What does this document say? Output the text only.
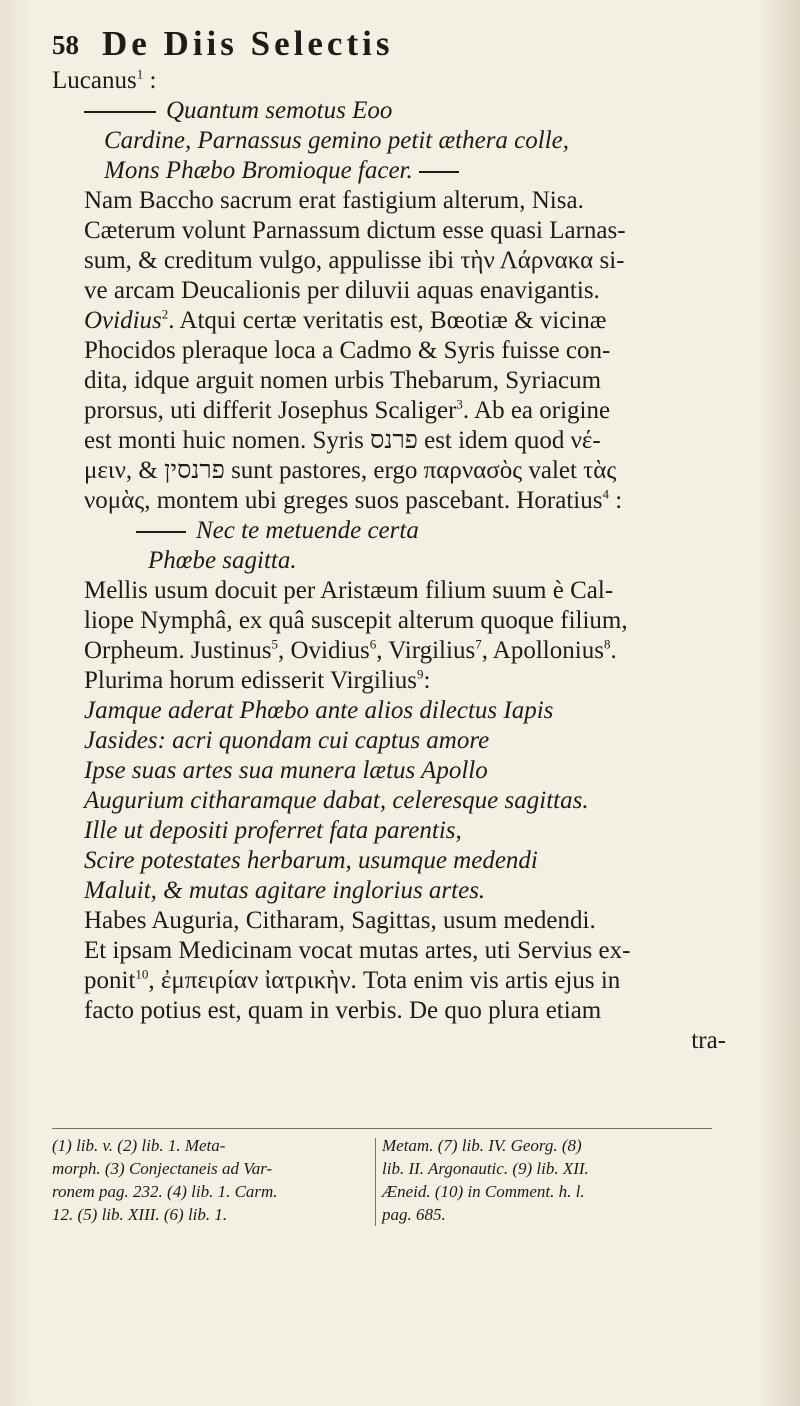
58 De Diis Selectis
Lucanus$^1$ :
Quantum semotus Eoo
Cardine, Parnassus gemino petit æthera colle,
Mons Phæbo Bromioque facer.
Nam Baccho sacrum erat fastigium alterum, Nisa.
Cæterum volunt Parnassum dictum esse quasi Larnas-
sum, & creditum vulgo, appulisse ibi τὴν Λάρνακα si-
ve arcam Deucalionis per diluvii aquas enavigantis.
Ovidius$^2$. Atqui certæ veritatis est, Bœotiæ & vicinæ
Phocidos pleraque loca a Cadmo & Syris fuisse con-
dita, idque arguit nomen urbis Thebarum, Syriacum
prorsus, uti differit Josephus Scaliger$^3$. Ab ea origine
est monti huic nomen. Syris פרנס est idem quod νέ-
μειν, & פרנסין sunt pastores, ergo παρνασὸς valet τὰς
νομὰς, montem ubi greges suos pascebant. Horatius$^4$ :
Nec te metuende certa
Phœbe sagitta.
Mellis usum docuit per Aristæum filium suum è Cal-
liope Nymphâ, ex quâ suscepit alterum quoque filium,
Orpheum. Justinus$^5$, Ovidius$^6$, Virgilius$^7$, Apollonius$^8$.
Plurima horum edisserit Virgilius$^9$:
Jamque aderat Phœbo ante alios dilectus Iapis
Jasides: acri quondam cui captus amore
Ipse suas artes sua munera lætus Apollo
Augurium citharamque dabat, celeresque sagittas.
Ille ut depositi proferret fata parentis,
Scire potestates herbarum, usumque medendi
Maluit, & mutas agitare inglorius artes.
Habes Auguria, Citharam, Sagittas, usum medendi.
Et ipsam Medicinam vocat mutas artes, uti Servius ex-
ponit$^{10}$, ἐμπειρίαν ἰατρικὴν. Tota enim vis artis ejus in
facto potius est, quam in verbis. De quo plura etiam
tra-
(1) lib. v. (2) lib. 1. Meta-
morph. (3) Conjectaneis ad Var-
ronem pag. 232. (4) lib. 1. Carm.
12. (5) lib. XIII. (6) lib. 1.
Metam. (7) lib. IV. Georg. (8)
lib. II. Argonautic. (9) lib. XII.
Æneid. (10) in Comment. h. l.
pag. 685.
